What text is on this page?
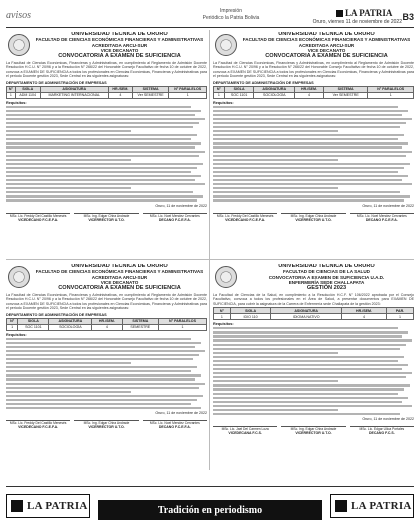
avisos	Impresión
Periódico la Patria Bolivia	LA PATRIA
Oruro, viernes 11 de noviembre de 2022 B3
UNIVERSIDAD TÉCNICA DE ORURO
FACULTAD DE CIENCIAS ECONÓMICAS FINANCIERAS Y ADMINISTRATIVAS
ACREDITADA ARCU-SUR
VICE DECANATO
CONVOCATORIA A EXAMEN DE SUFICIENCIA
La Facultad de Ciencias Económicas, Financieras y Administrativas, en cumplimiento al Reglamento de Admisión Docente Resolución H.C.U. N° 20/96 y a la Resolución N° 266/22 del Honorable Consejo Facultativo de fecha 10 de octubre de 2022, convoca a EXAMEN DE SUFICIENCIA a todos los profesionales en Ciencias Económicas, Financieras y Administrativas para el periodo Docente gestión 2023, Sede Central en las siguientes asignaturas:
DEPARTAMENTO DE ADMINISTRACIÓN DE EMPRESAS
N°	SIGLA	ASIGNATURA	HR./SEM.	SISTEMA	N° PARALELOS
1	ADM 1104	MARKETING INTERNACIONAL	4	Ver SEMESTRE	1
Requisitos:
Oruro, 11 de noviembre de 2022
MSc. Lic. Freddy Del Castillo Menesés
VICEDECANO F.C.E.F.A.
MSc. Ing. Edgar Chira Andrade
VICERRECTOR U.T.O.
MSc. Lic. Noel Mendez Cervantes
DECANO F.C.E.F.A.
UNIVERSIDAD TÉCNICA DE ORURO
FACULTAD DE CIENCIAS ECONÓMICAS FINANCIERAS Y ADMINISTRATIVAS
ACREDITADA ARCU-SUR
VICE DECANATO
CONVOCATORIA A EXAMEN DE SUFICIENCIA
La Facultad de Ciencias Económicas, Financieras y Administrativas, en cumplimiento al Reglamento de Admisión Docente Resolución H.C.U. N° 20/96 y a la Resolución N° 266/22 del Honorable Consejo Facultativo de fecha 10 de octubre de 2022, convoca a EXAMEN DE SUFICIENCIA a todos los profesionales en Ciencias Económicas, Financieras y Administrativas para el periodo Docente gestión 2023, Sede Central en las siguientes asignaturas:
DEPARTAMENTO DE ADMINISTRACIÓN DE EMPRESAS
N°	SIGLA	ASIGNATURA	HR./SEM.	SISTEMA	N° PARALELOS
1	SOC 1101	SOCIOLOGÍA	4	Ver SEMESTRE	1
Requisitos:
Oruro, 11 de noviembre de 2022
MSc. Lic. Freddy Del Castillo Menesés
VICEDECANO F.C.E.F.A.
MSc. Ing. Edgar Chira Andrade
VICERRECTOR U.T.O.
MSc. Lic. Noel Mendez Cervantes
DECANO F.C.E.F.A.
UNIVERSIDAD TÉCNICA DE ORURO
FACULTAD DE CIENCIAS ECONÓMICAS FINANCIERAS Y ADMINISTRATIVAS
ACREDITADA ARCU-SUR
VICE DECANATO
CONVOCATORIA A EXAMEN DE SUFICIENCIA
La Facultad de Ciencias Económicas, Financieras y Administrativas, en cumplimiento al Reglamento de Admisión Docente Resolución H.C.U. N° 20/96 y a la Resolución N° 266/22 del Honorable Consejo Facultativo de fecha 10 de octubre de 2022, convoca a EXAMEN DE SUFICIENCIA a todos los profesionales en Ciencias Económicas, Financieras y Administrativas para el periodo Docente gestión 2023, Sede Central en las siguientes asignaturas:
DEPARTAMENTO DE ADMINISTRACIÓN DE EMPRESAS
N°	SIGLA	ASIGNATURA	HR./SEM.	SISTEMA	N° PARALELOS
1	SOC 1101	SOCIOLOGÍA	4	SEMESTRE	1
Requisitos:
Oruro, 11 de noviembre de 2022
MSc. Lic. Freddy Del Castillo Menesés
VICEDECANO F.C.E.F.A.
MSc. Ing. Edgar Chira Andrade
VICERRECTOR U.T.O.
MSc. Lic. Noel Mendez Cervantes
DECANO F.C.E.F.A.
UNIVERSIDAD TÉCNICA DE ORURO
FACULTAD DE CIENCIAS DE LA SALUD
CONVOCATORIA A EXAMEN DE SUFICIENCIA U.A.D.
ENFERMERÍA SEDE CHALLAPATA
GESTIÓN 2023
La Facultad de Ciencias de la Salud, en cumplimiento a la Resolución H.C.F. N° 106/2022 aprobada por el Consejo Facultativo, convoca a todos los profesionales en el Área de Salud, a presentar documentos para EXAMEN DE SUFICIENCIA, para cubrir la asignatura de la Carrera de Enfermería sede Challapata de la gestión 2023:
N°	SIGLA	ASIGNATURA	HR./SEM.	PAR.
1	IDIO 110	IDIOMA NATIVO	4	1
Requisitos:
Oruro, 11 de noviembre de 2022
MSc. Lic. Jael Del Carmen Loza
VICEDECANA F.C.S.
MSc. Ing. Edgar Chira Andrade
VICERRECTOR U.T.O.
MSc. Lic. Edgar Ulloa Portales
DECANO F.C.S.
LA PATRIA	Tradición en periodismo	LA PATRIA
